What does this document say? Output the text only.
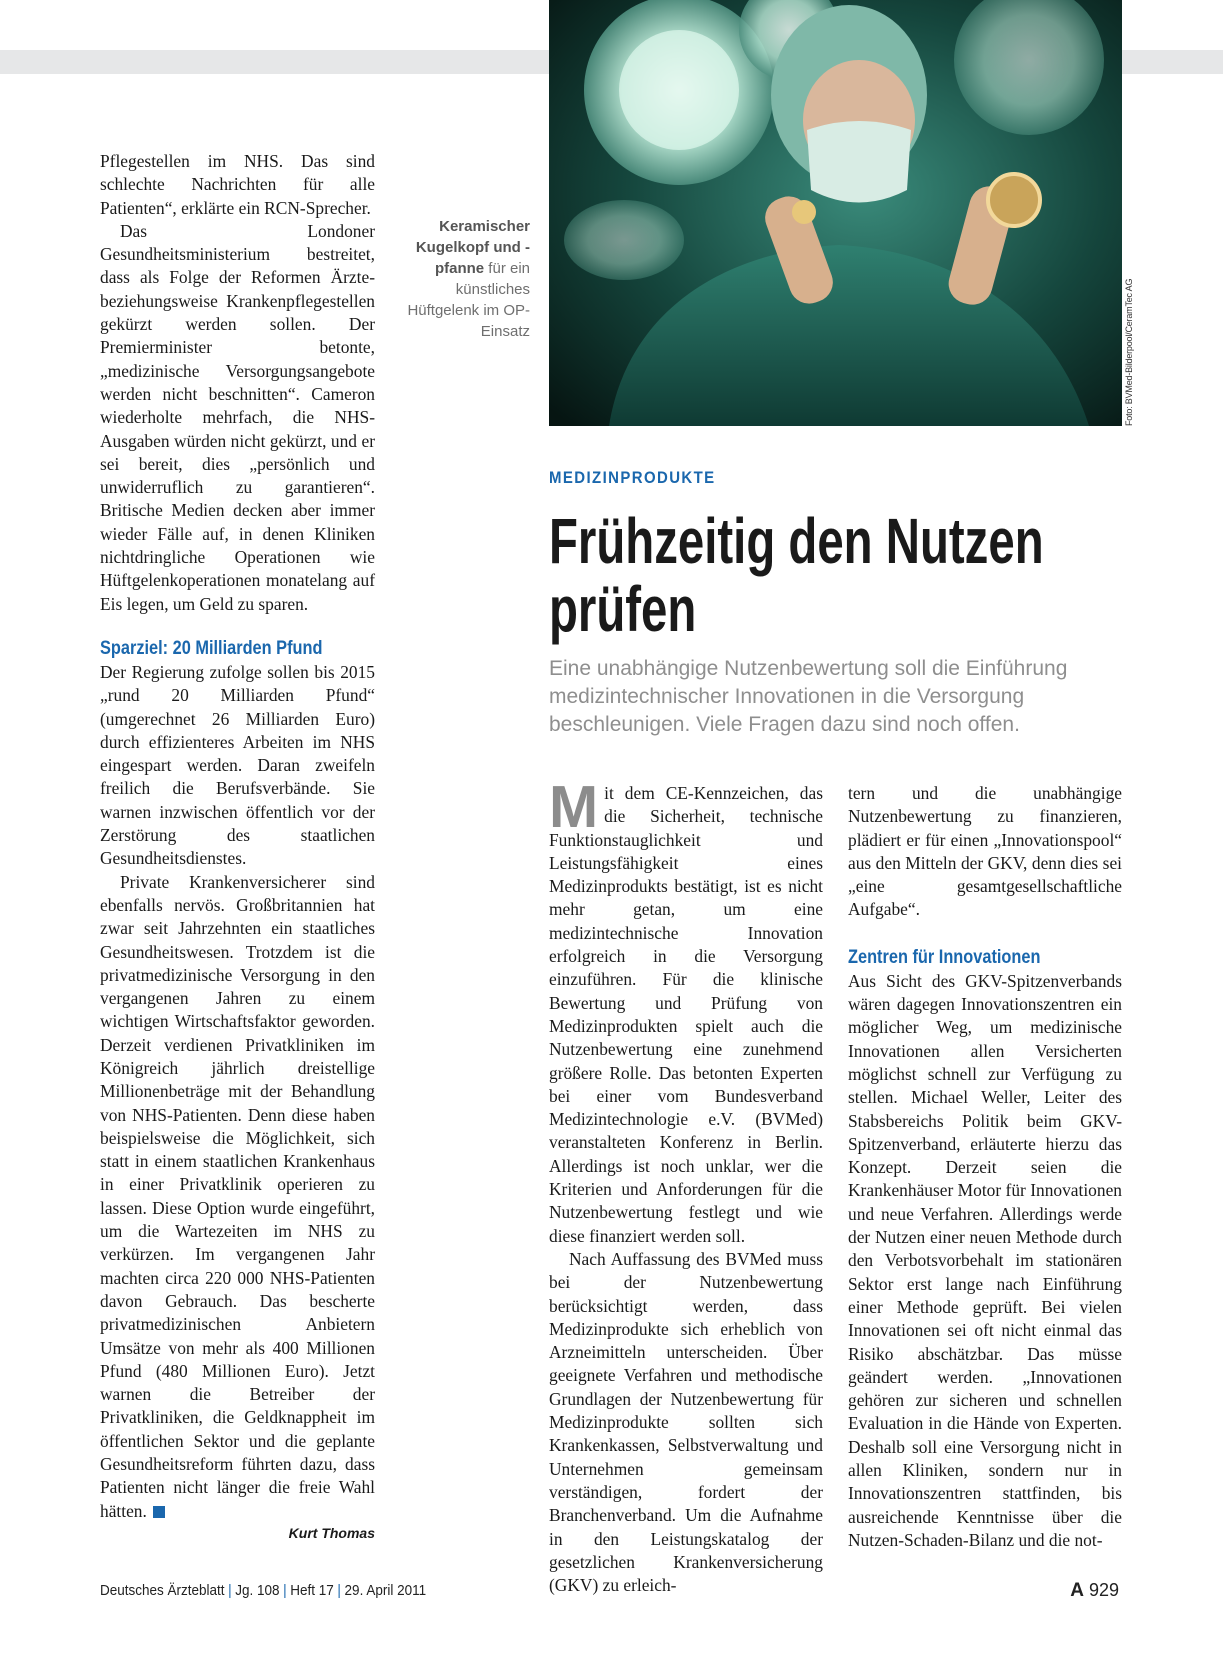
Pflegestellen im NHS. Das sind schlechte Nachrichten für alle Patienten“, erklärte ein RCN-Sprecher.

Das Londoner Gesundheitsministerium bestreitet, dass als Folge der Reformen Ärzte- beziehungsweise Krankenpflegestellen gekürzt werden sollen. Der Premierminister betonte, „medizinische Versorgungsangebote werden nicht beschnitten“. Cameron wiederholte mehrfach, die NHS-Ausgaben würden nicht gekürzt, und er sei bereit, dies „persönlich und unwiderruflich zu garantieren“. Britische Medien decken aber immer wieder Fälle auf, in denen Kliniken nichtdringliche Operationen wie Hüftgelenkoperationen monatelang auf Eis legen, um Geld zu sparen.

Sparziel: 20 Milliarden Pfund

Der Regierung zufolge sollen bis 2015 „rund 20 Milliarden Pfund“ (umgerechnet 26 Milliarden Euro) durch effizienteres Arbeiten im NHS eingespart werden. Daran zweifeln freilich die Berufsverbände. Sie warnen inzwischen öffentlich vor der Zerstörung des staatlichen Gesundheitsdienstes.

Private Krankenversicherer sind ebenfalls nervös. Großbritannien hat zwar seit Jahrzehnten ein staatliches Gesundheitswesen. Trotzdem ist die privatmedizinische Versorgung in den vergangenen Jahren zu einem wichtigen Wirtschaftsfaktor geworden. Derzeit verdienen Privatkliniken im Königreich jährlich dreistellige Millionenbeträge mit der Behandlung von NHS-Patienten. Denn diese haben beispielsweise die Möglichkeit, sich statt in einem staatlichen Krankenhaus in einer Privatklinik operieren zu lassen. Diese Option wurde eingeführt, um die Wartezeiten im NHS zu verkürzen. Im vergangenen Jahr machten circa 220 000 NHS-Patienten davon Gebrauch. Das bescherte privatmedizinischen Anbietern Umsätze von mehr als 400 Millionen Pfund (480 Millionen Euro). Jetzt warnen die Betreiber der Privatkliniken, die Geldknappheit im öffentlichen Sektor und die geplante Gesundheitsreform führten dazu, dass Patienten nicht länger die freie Wahl hätten.

Kurt Thomas
Keramischer Kugelkopf und -pfanne für ein künstliches Hüftgelenk im OP-Einsatz	Foto: BVMed-Bilderpool/CeramTec AG
MEDIZINPRODUKTE
Frühzeitig den Nutzen prüfen
Eine unabhängige Nutzenbewertung soll die Einführung medizintechnischer Innovationen in die Versorgung beschleunigen. Viele Fragen dazu sind noch offen.

Mit dem CE-Kennzeichen, das die Sicherheit, technische Funktionstauglichkeit und Leistungsfähigkeit eines Medizinprodukts bestätigt, ist es nicht mehr getan, um eine medizintechnische Innovation erfolgreich in die Versorgung einzuführen. Für die klinische Bewertung und Prüfung von Medizinprodukten spielt auch die Nutzenbewertung eine zunehmend größere Rolle. Das betonten Experten bei einer vom Bundesverband Medizintechnologie e.V. (BVMed) veranstalteten Konferenz in Berlin. Allerdings ist noch unklar, wer die Kriterien und Anforderungen für die Nutzenbewertung festlegt und wie diese finanziert werden soll.

Nach Auffassung des BVMed muss bei der Nutzenbewertung berücksichtigt werden, dass Medizinprodukte sich erheblich von Arzneimitteln unterscheiden. Über geeignete Verfahren und methodische Grundlagen der Nutzenbewertung für Medizinprodukte sollten sich Krankenkassen, Selbstverwaltung und Unternehmen gemeinsam verständigen, fordert der Branchenverband. Um die Aufnahme in den Leistungskatalog der gesetzlichen Krankenversicherung (GKV) zu erleich-

tern und die unabhängige Nutzenbewertung zu finanzieren, plädiert er für einen „Innovationspool“ aus den Mitteln der GKV, denn dies sei „eine gesamtgesellschaftliche Aufgabe“.

Zentren für Innovationen

Aus Sicht des GKV-Spitzenverbands wären dagegen Innovationszentren ein möglicher Weg, um medizinische Innovationen allen Versicherten möglichst schnell zur Verfügung zu stellen. Michael Weller, Leiter des Stabsbereichs Politik beim GKV-Spitzenverband, erläuterte hierzu das Konzept. Derzeit seien die Krankenhäuser Motor für Innovationen und neue Verfahren. Allerdings werde der Nutzen einer neuen Methode durch den Verbotsvorbehalt im stationären Sektor erst lange nach Einführung einer Methode geprüft. Bei vielen Innovationen sei oft nicht einmal das Risiko abschätzbar. Das müsse geändert werden. „Innovationen gehören zur sicheren und schnellen Evaluation in die Hände von Experten. Deshalb soll eine Versorgung nicht in allen Kliniken, sondern nur in Innovationszentren stattfinden, bis ausreichende Kenntnisse über die Nutzen-Schaden-Bilanz und die not-

Deutsches Ärzteblatt | Jg. 108 | Heft 17 | 29. April 2011	A 929
